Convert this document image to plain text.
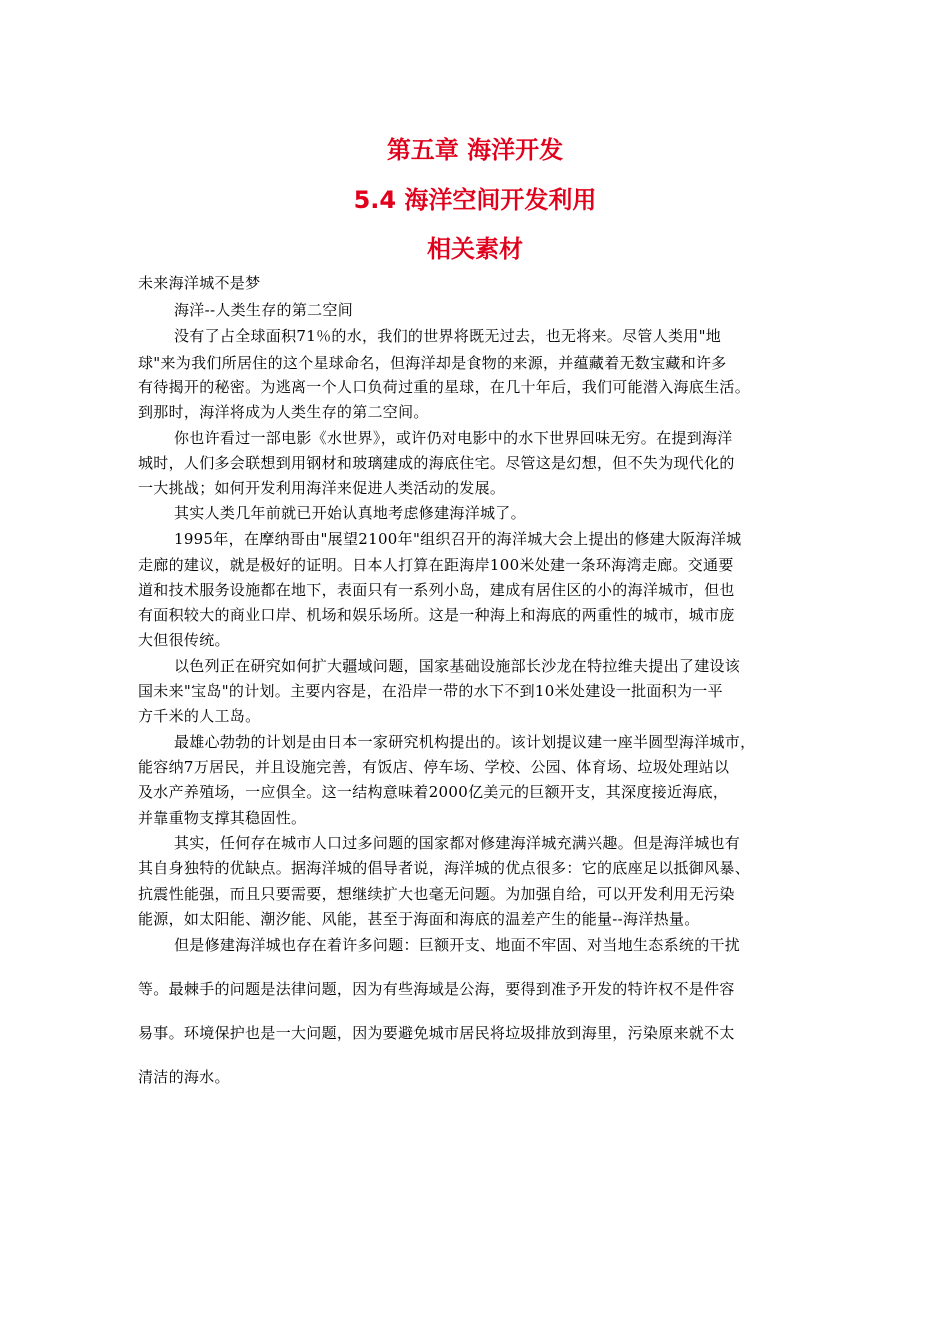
第五章 海洋开发
5.4 海洋空间开发利用
相关素材
未来海洋城不是梦
海洋--人类生存的第二空间
没有了占全球面积71％的水，我们的世界将既无过去，也无将来。尽管人类用"地
球"来为我们所居住的这个星球命名，但海洋却是食物的来源，并蕴藏着无数宝藏和许多
有待揭开的秘密。为逃离一个人口负荷过重的星球，在几十年后，我们可能潜入海底生活。
到那时，海洋将成为人类生存的第二空间。
你也许看过一部电影《水世界》，或许仍对电影中的水下世界回味无穷。在提到海洋
城时，人们多会联想到用钢材和玻璃建成的海底住宅。尽管这是幻想，但不失为现代化的
一大挑战；如何开发利用海洋来促进人类活动的发展。
其实人类几年前就已开始认真地考虑修建海洋城了。
1995年，在摩纳哥由"展望2100年"组织召开的海洋城大会上提出的修建大阪海洋城
走廊的建议，就是极好的证明。日本人打算在距海岸100米处建一条环海湾走廊。交通要
道和技术服务设施都在地下，表面只有一系列小岛，建成有居住区的小的海洋城市，但也
有面积较大的商业口岸、机场和娱乐场所。这是一种海上和海底的两重性的城市，城市庞
大但很传统。
以色列正在研究如何扩大疆域问题，国家基础设施部长沙龙在特拉维夫提出了建设该
国未来"宝岛"的计划。主要内容是，在沿岸一带的水下不到10米处建设一批面积为一平
方千米的人工岛。
最雄心勃勃的计划是由日本一家研究机构提出的。该计划提议建一座半圆型海洋城市，
能容纳7万居民，并且设施完善，有饭店、停车场、学校、公园、体育场、垃圾处理站以
及水产养殖场，一应俱全。这一结构意味着2000亿美元的巨额开支，其深度接近海底，
并靠重物支撑其稳固性。
其实，任何存在城市人口过多问题的国家都对修建海洋城充满兴趣。但是海洋城也有
其自身独特的优缺点。据海洋城的倡导者说，海洋城的优点很多：它的底座足以抵御风暴、
抗震性能强，而且只要需要，想继续扩大也毫无问题。为加强自给，可以开发利用无污染
能源，如太阳能、潮汐能、风能，甚至于海面和海底的温差产生的能量--海洋热量。
但是修建海洋城也存在着许多问题：巨额开支、地面不牢固、对当地生态系统的干扰
等。最棘手的问题是法律问题，因为有些海域是公海，要得到准予开发的特许权不是件容
易事。环境保护也是一大问题，因为要避免城市居民将垃圾排放到海里，污染原来就不太
清洁的海水。
